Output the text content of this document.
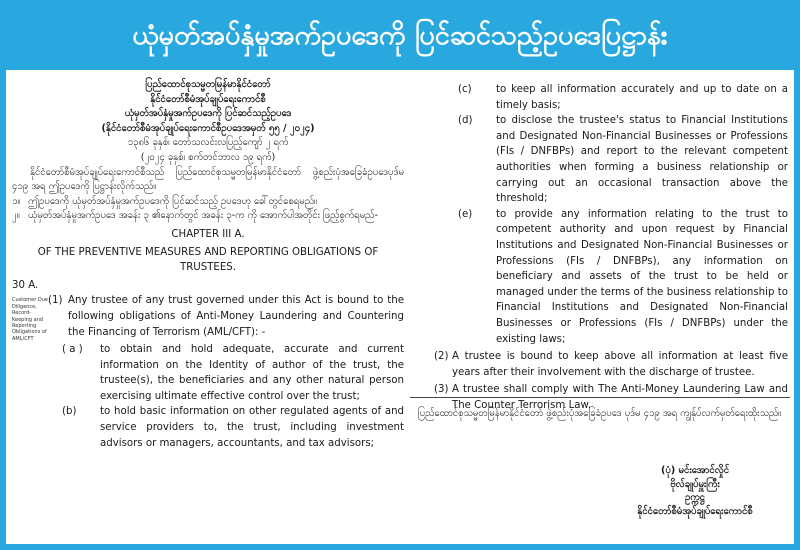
ယုံမှတ်အပ်နှံမှုအက်ဥပဒေကို ပြင်ဆင်သည့်ဥပဒေပြဋ္ဌာန်း

ပြည်ထောင်စုသမ္မတမြန်မာနိုင်ငံတော်

နိုင်ငံတော်စီမံအုပ်ချုပ်ရေးကောင်စီ

ယုံမှတ်အပ်နှံမှုအက်ဥပဒေကို ပြင်ဆင်သည့်ဥပဒေ

(နိုင်ငံတော်စီမံအုပ်ချုပ်ရေးကောင်စီဥပဒေအမှတ် ၅၅ / ၂၀၂၄)

၁၃၈၆ ခုနှစ်၊ တော်သလင်းလပြည့်ကျော် ၂ ရက်

(၂၀၂၄ ခုနှစ်၊ စက်တင်ဘာလ ၁၉ ရက်)

နိုင်ငံတော်စီမံအုပ်ချုပ်ရေးကောင်စီသည် ပြည်ထောင်စုသမ္မတမြန်မာနိုင်ငံတော် ဖွဲ့စည်းပုံအခြေခံဥပဒေပုဒ်မ ၄၁၉ အရ ဤဥပဒေကို ပြဋ္ဌာန်းလိုက်သည်။

၁။ ဤဥပဒေကို ယုံမှတ်အပ်နှံမှုအက်ဥပဒေကို ပြင်ဆင်သည့် ဥပဒေဟု ခေါ်တွင်စေရမည်။
၂။ ယုံမှတ်အပ်နှံမှုအက်ဥပဒေ အခန်း ၃ ၏နောက်တွင် အခန်း ၃-က ကို အောက်ပါအတိုင်း ဖြည့်စွက်ရမည်-

CHAPTER III A.

OF THE PREVENTIVE MEASURES AND REPORTING OBLIGATIONS OF TRUSTEES.

30 A.

Customer Due Diligence, Record-Keeping and Reporting Obligations of AML/CFT
(1) Any trustee of any trust governed under this Act is bound to the following obligations of Anti-Money Laundering and Countering the Financing of Terrorism (AML/CFT): -
( a )	to obtain and hold adequate, accurate and current information on the Identity of author of the trust, the trustee(s), the beneficiaries and any other natural person exercising ultimate effective control over the trust;
(b)	to hold basic information on other regulated agents of and service providers to, the trust, including investment advisors or managers, accountants, and tax advisors;
(c)	to keep all information accurately and up to date on a timely basis;
(d)	to disclose the trustee's status to Financial Institutions and Designated Non-Financial Businesses or Professions (FIs / DNFBPs) and report to the relevant competent authorities when forming a business relationship or carrying out an occasional transaction above the threshold;
(e)	to provide any information relating to the trust to competent authority and upon request by Financial Institutions and Designated Non-Financial Businesses or Professions (FIs / DNFBPs), any information on beneficiary and assets of the trust to be held or managed under the terms of the business relationship to Financial Institutions and Designated Non-Financial Businesses or Professions (FIs / DNFBPs) under the existing laws;
(2) A trustee is bound to keep above all information at least five years after their involvement with the discharge of trustee.
(3) A trustee shall comply with The Anti-Money Laundering Law and The Counter Terrorism Law.

ပြည်ထောင်စုသမ္မတမြန်မာနိုင်ငံတော် ဖွဲ့စည်းပုံအခြေခံဥပဒေ ပုဒ်မ ၄၁၉ အရ ကျွန်ုပ်လက်မှတ်ရေးထိုးသည်။

(ပုံ) မင်းအောင်လှိုင်

ဗိုလ်ချုပ်မှူးကြီး

ဥက္ကဋ္ဌ

နိုင်ငံတော်စီမံအုပ်ချုပ်ရေးကောင်စီ
